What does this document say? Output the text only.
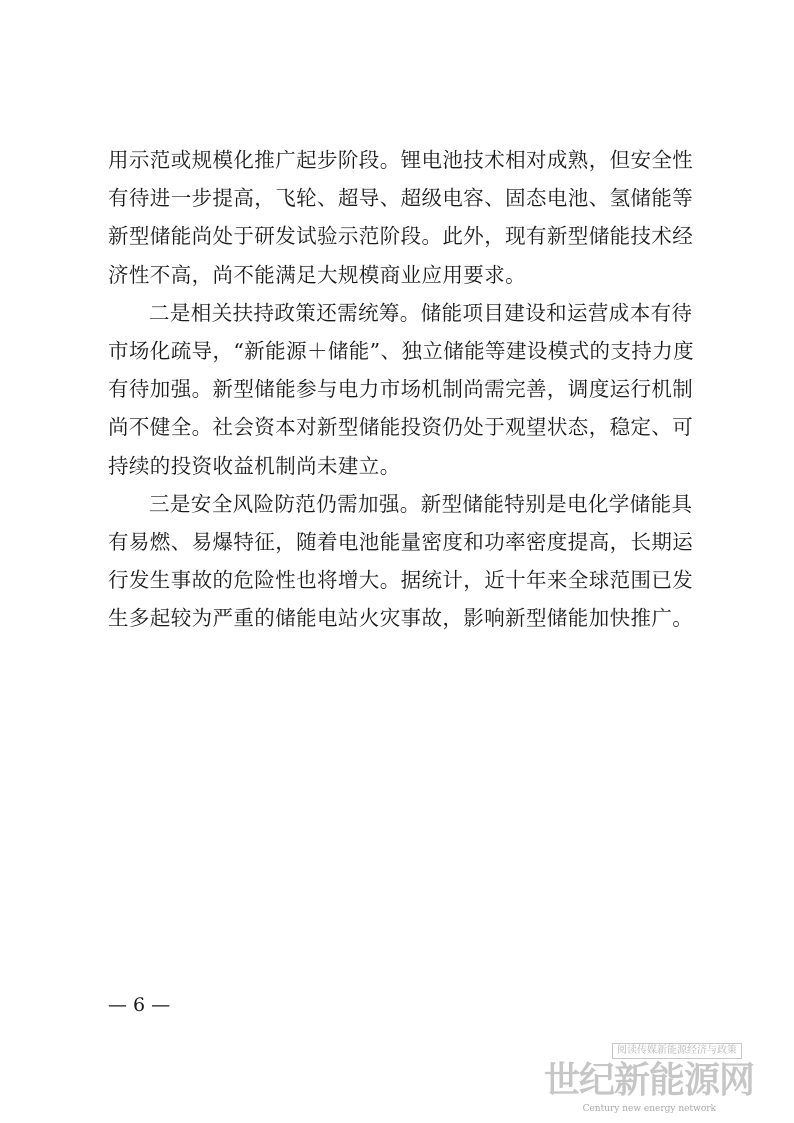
用示范或规模化推广起步阶段。锂电池技术相对成熟，但安全性
有待进一步提高，飞轮、超导、超级电容、固态电池、氢储能等
新型储能尚处于研发试验示范阶段。此外，现有新型储能技术经
济性不高，尚不能满足大规模商业应用要求。
二是相关扶持政策还需统筹。储能项目建设和运营成本有待
市场化疏导，“新能源＋储能”、独立储能等建设模式的支持力度
有待加强。新型储能参与电力市场机制尚需完善，调度运行机制
尚不健全。社会资本对新型储能投资仍处于观望状态，稳定、可
持续的投资收益机制尚未建立。
三是安全风险防范仍需加强。新型储能特别是电化学储能具
有易燃、易爆特征，随着电池能量密度和功率密度提高，长期运
行发生事故的危险性也将增大。据统计，近十年来全球范围已发
生多起较为严重的储能电站火灾事故，影响新型储能加快推广。
— 6 —
阅读传媒新能源经济与政策
世纪新能源网
Century new energy network
